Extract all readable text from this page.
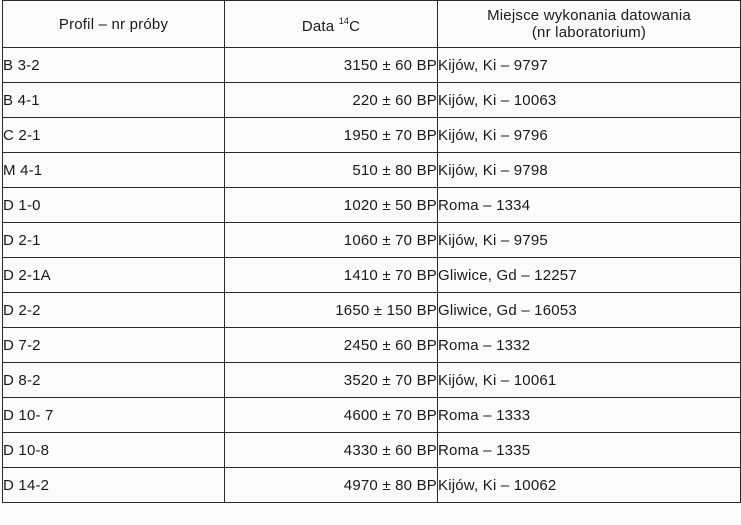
Profil – nr próby	Data $^{14}$C	Miejsce wykonania datowania
(nr laboratorium)

B 3-2	3150 ± 60 BP	Kijów, Ki – 9797
B 4-1	220 ± 60 BP	Kijów, Ki – 10063
C 2-1	1950 ± 70 BP	Kijów, Ki – 9796
M 4-1	510 ± 80 BP	Kijów, Ki – 9798
D 1-0	1020 ± 50 BP	Roma – 1334
D 2-1	1060 ± 70 BP	Kijów, Ki – 9795
D 2-1A	1410 ± 70 BP	Gliwice, Gd – 12257
D 2-2	1650 ± 150 BP	Gliwice, Gd – 16053
D 7-2	2450 ± 60 BP	Roma – 1332
D 8-2	3520 ± 70 BP	Kijów, Ki – 10061
D 10- 7	4600 ± 70 BP	Roma – 1333
D 10-8	4330 ± 60 BP	Roma – 1335
D 14-2	4970 ± 80 BP	Kijów, Ki – 10062
